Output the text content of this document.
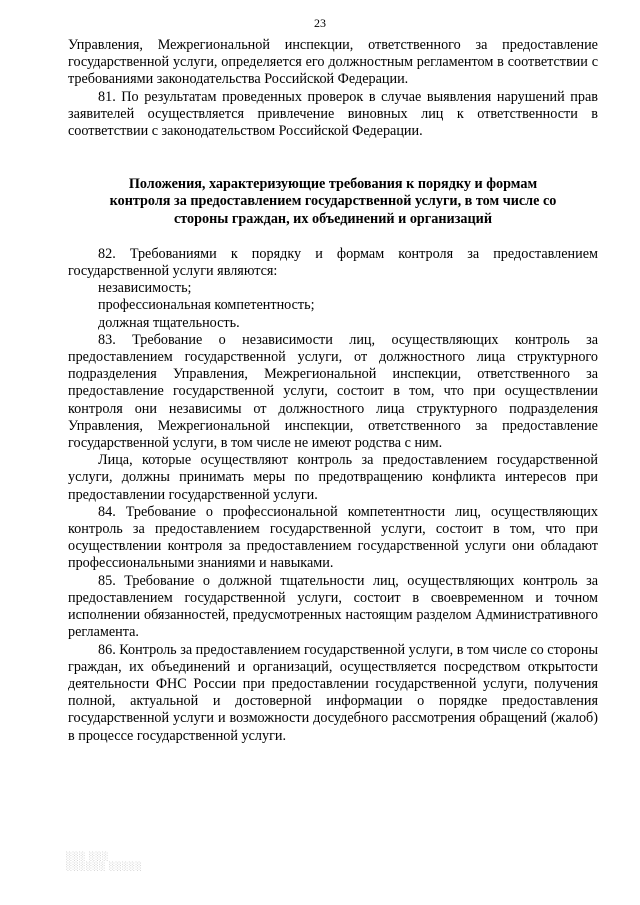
23

Управления, Межрегиональной инспекции, ответственного за предоставление государственной услуги, определяется его должностным регламентом в соответствии с требованиями законодательства Российской Федерации.

81. По результатам проведенных проверок в случае выявления нарушений прав заявителей осуществляется привлечение виновных лиц к ответственности в соответствии с законодательством Российской Федерации.

Положения, характеризующие требования к порядку и формам контроля за предоставлением государственной услуги, в том числе со стороны граждан, их объединений и организаций

82. Требованиями к порядку и формам контроля за предоставлением государственной услуги являются:

независимость;
профессиональная компетентность;
должная тщательность.

83. Требование о независимости лиц, осуществляющих контроль за предоставлением государственной услуги, от должностного лица структурного подразделения Управления, Межрегиональной инспекции, ответственного за предоставление государственной услуги, состоит в том, что при осуществлении контроля они независимы от должностного лица структурного подразделения Управления, Межрегиональной инспекции, ответственного за предоставление государственной услуги, в том числе не имеют родства с ним.

Лица, которые осуществляют контроль за предоставлением государственной услуги, должны принимать меры по предотвращению конфликта интересов при предоставлении государственной услуги.

84. Требование о профессиональной компетентности лиц, осуществляющих контроль за предоставлением государственной услуги, состоит в том, что при осуществлении контроля за предоставлением государственной услуги они обладают профессиональными знаниями и навыками.

85. Требование о должной тщательности лиц, осуществляющих контроль за предоставлением государственной услуги, состоит в своевременном и точном исполнении обязанностей, предусмотренных настоящим разделом Административного регламента.

86. Контроль за предоставлением государственной услуги, в том числе со стороны граждан, их объединений и организаций, осуществляется посредством открытости деятельности ФНС России при предоставлении государственной услуги, получения полной, актуальной и достоверной информации о порядке предоставления государственной услуги и возможности досудебного рассмотрения обращений (жалоб) в процессе государственной услуги.

░░░ ░░░
░░░░░░ ░░░░░
